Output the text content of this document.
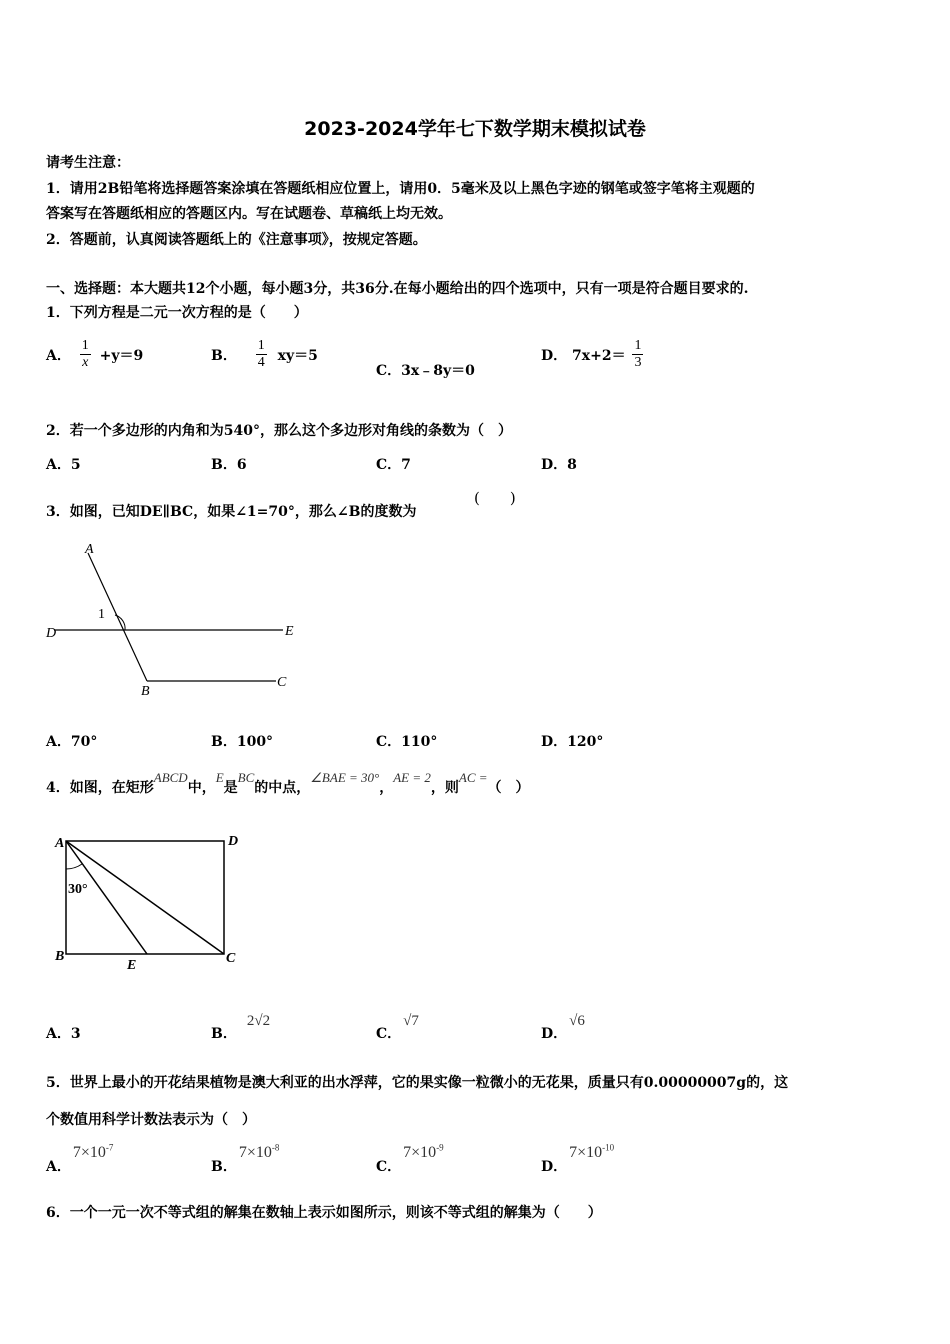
2023-2024学年七下数学期末模拟试卷
请考生注意：
1．请用2B铅笔将选择题答案涂填在答题纸相应位置上，请用0．5毫米及以上黑色字迹的钢笔或签字笔将主观题的
答案写在答题纸相应的答题区内。写在试题卷、草稿纸上均无效。
2．答题前，认真阅读答题纸上的《注意事项》，按规定答题。
一、选择题：本大题共12个小题，每小题3分，共36分.在每小题给出的四个选项中，只有一项是符合题目要求的.
1．下列方程是二元一次方程的是（　　）
A． $\frac{1}{x} +y=9$	B． $\frac{1}{4} xy=5$
C．3x﹣8y＝0
D． $7x+2= \frac{1}{3}$
2．若一个多边形的内角和为540°，那么这个多边形对角线的条数为（　）
A．5	B．6	C．7	D．8
3．如图，已知DE∥BC，如果∠1=70°，那么∠B的度数为
(　　)
A
1
D	E
B
C
A．70°	B．100°	C．110°	D．120°
4．如图，在矩形ABCD中，E是BC的中点，∠BAE = 30°，AE = 2，则AC =（　）
A	D
30°
B
E	C
A．3	B．2√2
C．√7
D．√6
5．世界上最小的开花结果植物是澳大利亚的出水浮萍，它的果实像一粒微小的无花果，质量只有0.00000007g的，这
个数值用科学计数法表示为（　）
A．$7\times 10^{-7}$
B．$7\times 10^{-8}$
C．$7\times 10^{-9}$
D．$7\times 10^{-10}$
6．一个一元一次不等式组的解集在数轴上表示如图所示，则该不等式组的解集为（　　）
